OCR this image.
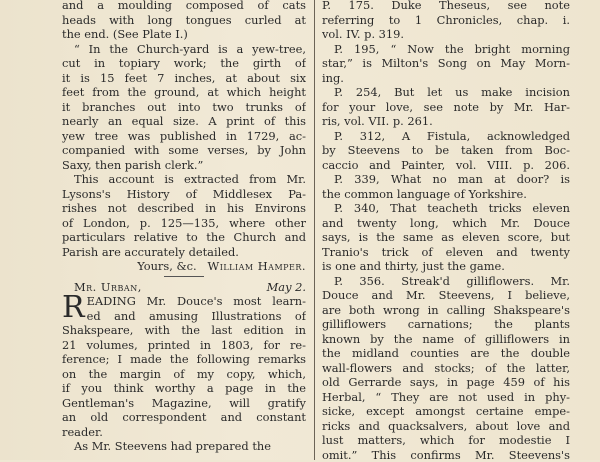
and a moulding composed of cats
heads with long tongues curled at
the end. (See Plate I.)
“ In the Church-yard is a yew-tree,
cut in topiary work; the girth of
it is 15 feet 7 inches, at about six
feet from the ground, at which height
it branches out into two trunks of
nearly an equal size. A print of this
yew tree was published in 1729, ac-
companied with some verses, by John
Saxy, then parish clerk.”
This account is extracted from Mr.
Lysons's History of Middlesex Pa-
rishes not described in his Environs
of London, p. 125—135, where other
particulars relative to the Church and
Parish are accurately detailed.
Yours, &c. William Hamper.
Mr. Urban,	May 2.
R EADING Mr. Douce's most learn-
ed and amusing Illustrations of
Shakspeare, with the last edition in
21 volumes, printed in 1803, for re-
ference; I made the following remarks
on the margin of my copy, which,
if you think worthy a page in the
Gentleman's Magazine, will gratify
an old correspondent and constant
reader.
As Mr. Steevens had prepared the
P. 175. Duke Theseus, see note
referring to 1 Chronicles, chap. i.
vol. IV. p. 319.
P. 195, “ Now the bright morning
star,” is Milton's Song on May Morn-
ing.
P. 254, But let us make incision
for your love, see note by Mr. Har-
ris, vol. VII. p. 261.
P. 312, A Fistula, acknowledged
by Steevens to be taken from Boc-
caccio and Painter, vol. VIII. p. 206.
P. 339, What no man at door? is
the common language of Yorkshire.
P. 340, That teacheth tricks eleven
and twenty long, which Mr. Douce
says, is the same as eleven score, but
Tranio's trick of eleven and twenty
is one and thirty, just the game.
P. 356. Streak'd gilliflowers. Mr.
Douce and Mr. Steevens, I believe,
are both wrong in calling Shakspeare's
gilliflowers carnations; the plants
known by the name of gilliflowers in
the midland counties are the double
wall-flowers and stocks; of the latter,
old Gerrarde says, in page 459 of his
Herbal, “ They are not used in phy-
sicke, except amongst certaine empe-
ricks and quacksalvers, about love and
lust matters, which for modestie I
omit.” This confirms Mr. Steevens's
